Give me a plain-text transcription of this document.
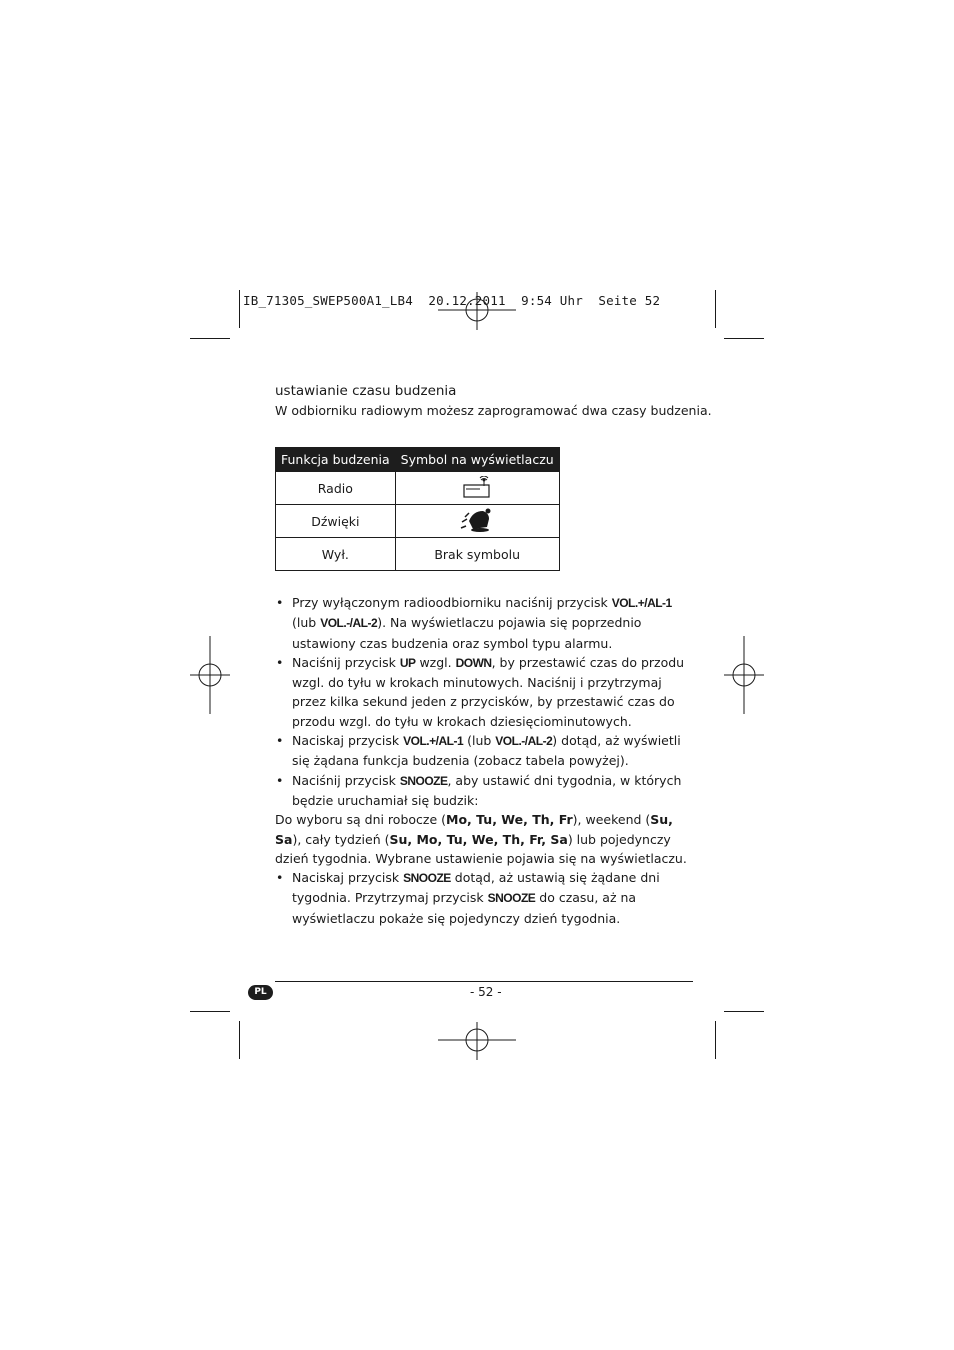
IB_71305_SWEP500A1_LB4  20.12.2011  9:54 Uhr  Seite 52
ustawianie czasu budzenia
W odbiorniku radiowym możesz zaprogramować dwa czasy budzenia.
Funkcja budzenia	Symbol na wyświetlaczu
Radio	
Dźwięki	
Wył.	Brak symbolu
• Przy wyłączonym radioodbiorniku naciśnij przycisk VOL.+/AL-1 (lub VOL.-/AL-2). Na wyświetlaczu pojawia się poprzednio ustawiony czas budzenia oraz symbol typu alarmu.
• Naciśnij przycisk UP wzgl. DOWN, by przestawić czas do przodu wzgl. do tyłu w krokach minutowych. Naciśnij i przytrzymaj przez kilka sekund jeden z przycisków, by przestawić czas do przodu wzgl. do tyłu w krokach dziesięciominutowych.
• Naciskaj przycisk VOL.+/AL-1 (lub VOL.-/AL-2) dotąd, aż wyświetli się żądana funkcja budzenia (zobacz tabela powyżej).
• Naciśnij przycisk SNOOZE, aby ustawić dni tygodnia, w których będzie uruchamiał się budzik:

Do wyboru są dni robocze (Mo, Tu, We, Th, Fr), weekend (Su, Sa), cały tydzień (Su, Mo, Tu, We, Th, Fr, Sa) lub pojedynczy dzień tygodnia. Wybrane ustawienie pojawia się na wyświetlaczu.

• Naciskaj przycisk SNOOZE dotąd, aż ustawią się żądane dni tygodnia. Przytrzymaj przycisk SNOOZE do czasu, aż na wyświetlaczu pokaże się pojedynczy dzień tygodnia.
PL	- 52 -
